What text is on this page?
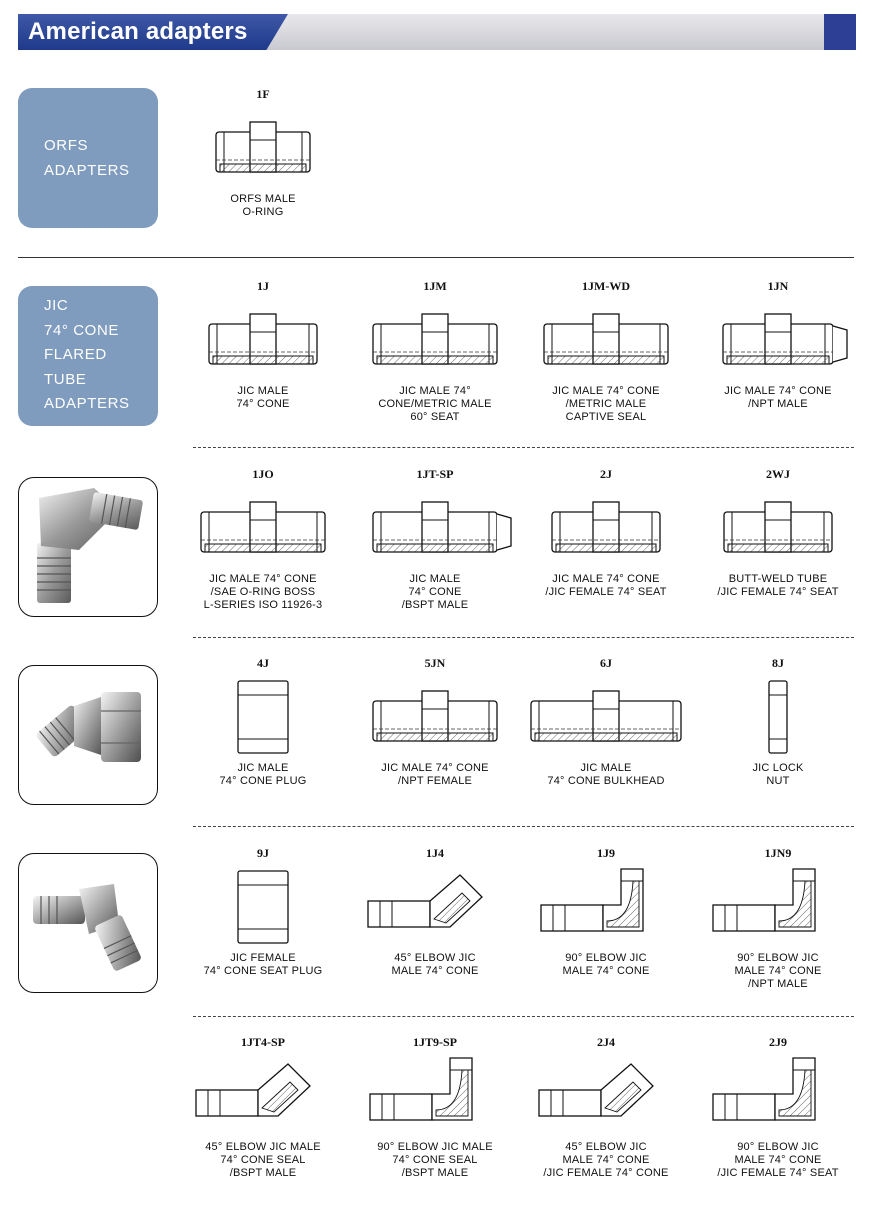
American adapters
ORFS
ADAPTERS
JIC
74° CONE
FLARED
TUBE
ADAPTERS
1F
ORFS MALE
O-RING
1J
JIC MALE
74° CONE
1JM
JIC MALE 74°
CONE/METRIC MALE
60° SEAT
1JM-WD
JIC MALE 74° CONE
/METRIC MALE
CAPTIVE SEAL
1JN
JIC MALE 74° CONE
/NPT MALE
1JO
JIC MALE 74° CONE
/SAE O-RING BOSS
L-SERIES ISO 11926-3
1JT-SP
JIC MALE
74° CONE
/BSPT MALE
2J
JIC MALE 74° CONE
/JIC FEMALE 74° SEAT
2WJ
BUTT-WELD TUBE
/JIC FEMALE 74° SEAT
4J
JIC MALE
74° CONE PLUG
5JN
JIC MALE 74° CONE
/NPT FEMALE
6J
JIC MALE
74° CONE BULKHEAD
8J
JIC LOCK
NUT
9J
JIC FEMALE
74° CONE SEAT PLUG
1J4
45° ELBOW JIC
MALE 74° CONE
1J9
90° ELBOW JIC
MALE 74° CONE
1JN9
90° ELBOW JIC
MALE 74° CONE
/NPT MALE
1JT4-SP
45° ELBOW JIC MALE
74° CONE SEAL
/BSPT MALE
1JT9-SP
90° ELBOW JIC MALE
74° CONE SEAL
/BSPT MALE
2J4
45° ELBOW JIC
MALE 74° CONE
/JIC FEMALE 74° CONE
2J9
90° ELBOW JIC
MALE 74° CONE
/JIC FEMALE 74° SEAT
